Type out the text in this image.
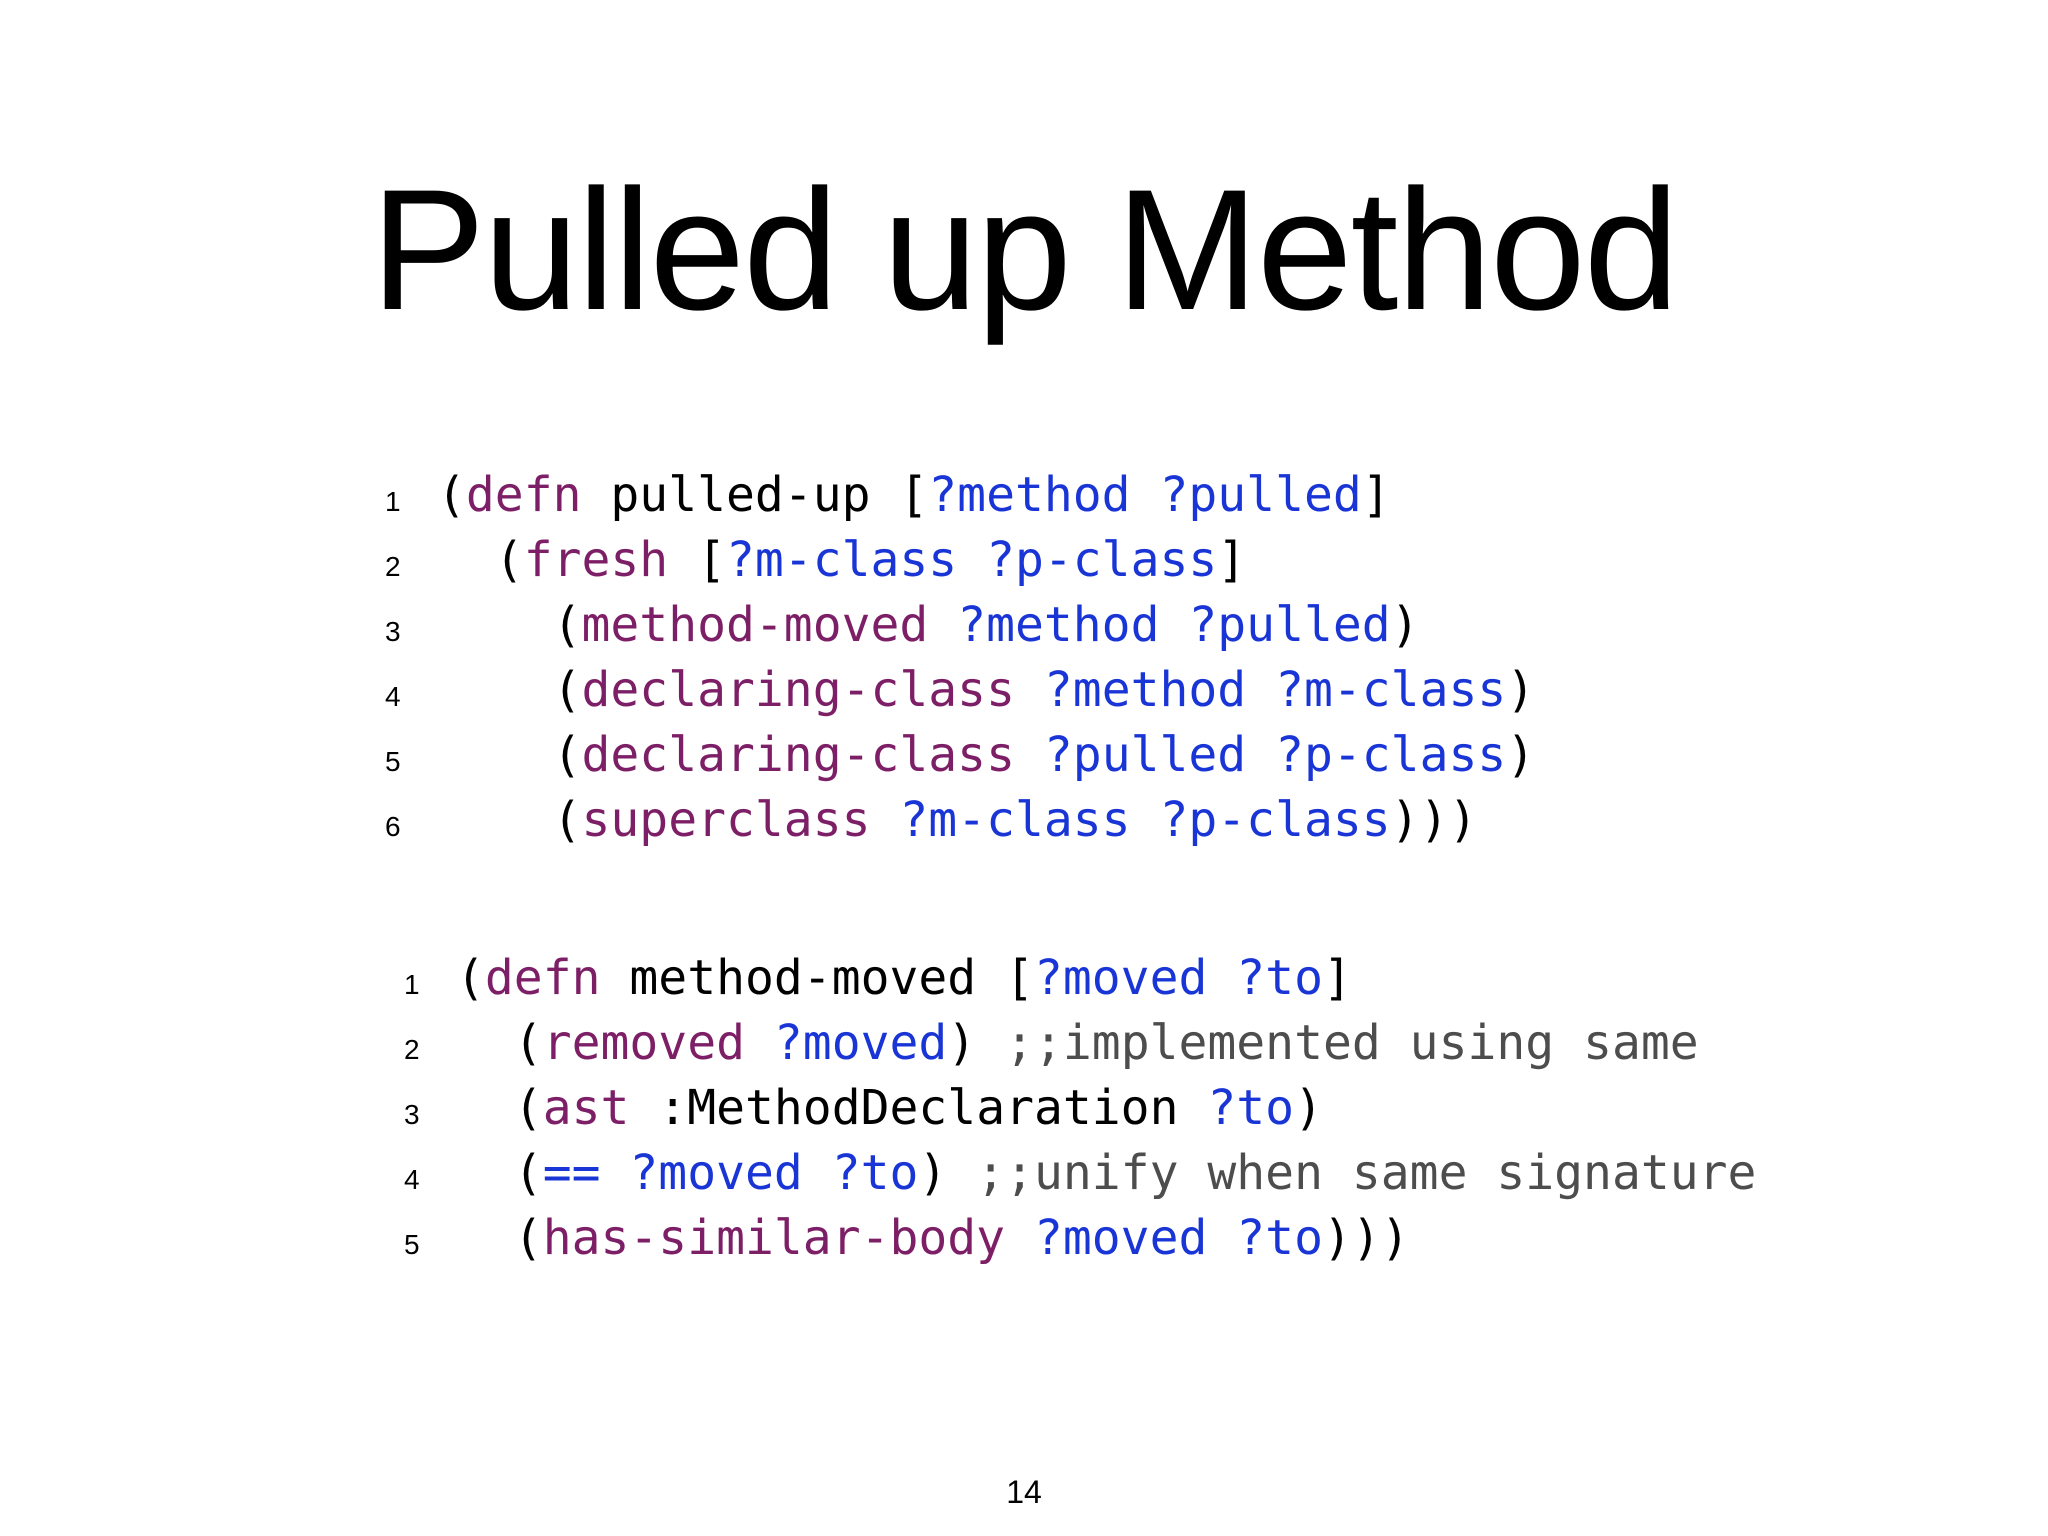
Pulled up Method
1 (defn pulled-up [?method ?pulled]
2  (fresh [?m-class ?p-class]
3    (method-moved ?method ?pulled)
4    (declaring-class ?method ?m-class)
5    (declaring-class ?pulled ?p-class)
6    (superclass ?m-class ?p-class)))
1 (defn method-moved [?moved ?to]
2  (removed ?moved) ;;implemented using same
3  (ast :MethodDeclaration ?to)
4  (== ?moved ?to) ;;unify when same signature
5  (has-similar-body ?moved ?to)))
14
